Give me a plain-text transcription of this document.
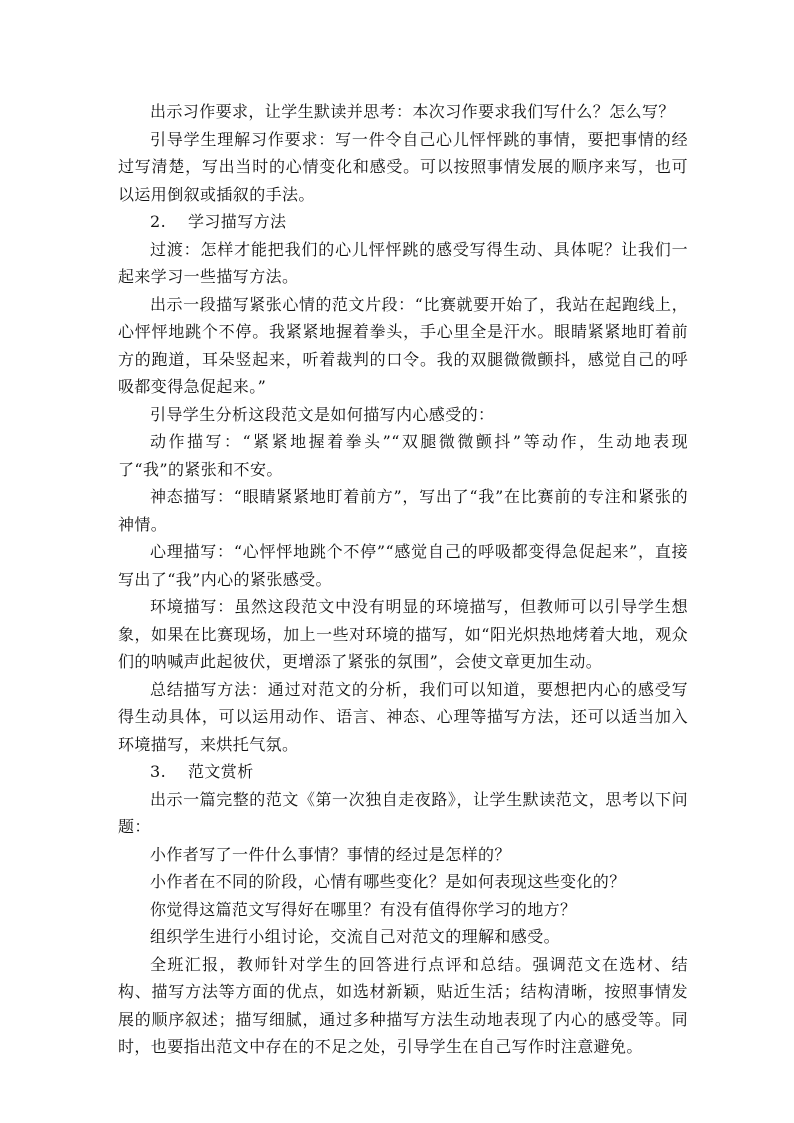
出示习作要求，让学生默读并思考：本次习作要求我们写什么？怎么写？

引导学生理解习作要求：写一件令自己心儿怦怦跳的事情，要把事情的经过写清楚，写出当时的心情变化和感受。可以按照事情发展的顺序来写，也可以运用倒叙或插叙的手法。

2. 学习描写方法

过渡：怎样才能把我们的心儿怦怦跳的感受写得生动、具体呢？让我们一起来学习一些描写方法。

出示一段描写紧张心情的范文片段：“比赛就要开始了，我站在起跑线上，心怦怦地跳个不停。我紧紧地握着拳头，手心里全是汗水。眼睛紧紧地盯着前方的跑道，耳朵竖起来，听着裁判的口令。我的双腿微微颤抖，感觉自己的呼吸都变得急促起来。”

引导学生分析这段范文是如何描写内心感受的：

动作描写：“紧紧地握着拳头”“双腿微微颤抖”等动作，生动地表现了“我”的紧张和不安。

神态描写：“眼睛紧紧地盯着前方”，写出了“我”在比赛前的专注和紧张的神情。

心理描写：“心怦怦地跳个不停”“感觉自己的呼吸都变得急促起来”，直接写出了“我”内心的紧张感受。

环境描写：虽然这段范文中没有明显的环境描写，但教师可以引导学生想象，如果在比赛现场，加上一些对环境的描写，如“阳光炽热地烤着大地，观众们的呐喊声此起彼伏，更增添了紧张的氛围”，会使文章更加生动。

总结描写方法：通过对范文的分析，我们可以知道，要想把内心的感受写得生动具体，可以运用动作、语言、神态、心理等描写方法，还可以适当加入环境描写，来烘托气氛。

3. 范文赏析

出示一篇完整的范文《第一次独自走夜路》，让学生默读范文，思考以下问题：

小作者写了一件什么事情？事情的经过是怎样的？

小作者在不同的阶段，心情有哪些变化？是如何表现这些变化的？

你觉得这篇范文写得好在哪里？有没有值得你学习的地方？

组织学生进行小组讨论，交流自己对范文的理解和感受。

全班汇报，教师针对学生的回答进行点评和总结。强调范文在选材、结构、描写方法等方面的优点，如选材新颖，贴近生活；结构清晰，按照事情发展的顺序叙述；描写细腻，通过多种描写方法生动地表现了内心的感受等。同时，也要指出范文中存在的不足之处，引导学生在自己写作时注意避免。
